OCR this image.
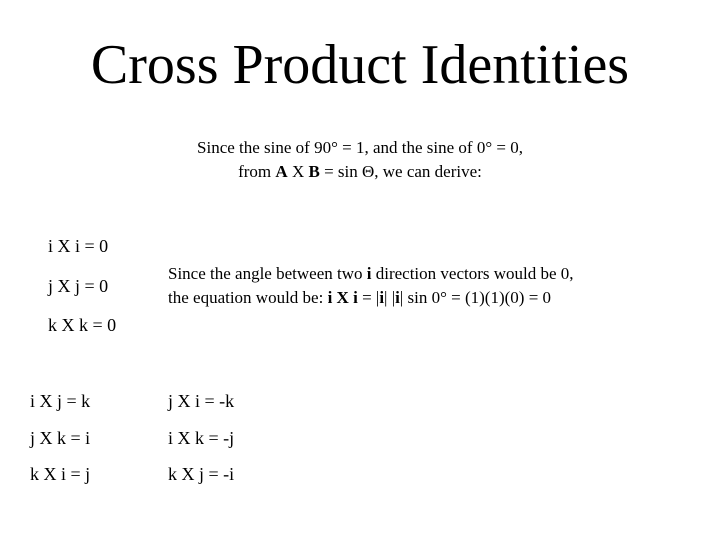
Cross Product Identities
Since the sine of 90° = 1, and the sine of 0° = 0,
from A X B = sin Θ, we can derive:
i X i = 0
j X j = 0
k X k = 0
Since the angle between two i direction vectors would be 0,
the equation would be: i X i = |i| |i| sin 0° = (1)(1)(0) = 0
i X j = k
j X k = i
k X i = j
j X i = -k
i X k = -j
k X j = -i
